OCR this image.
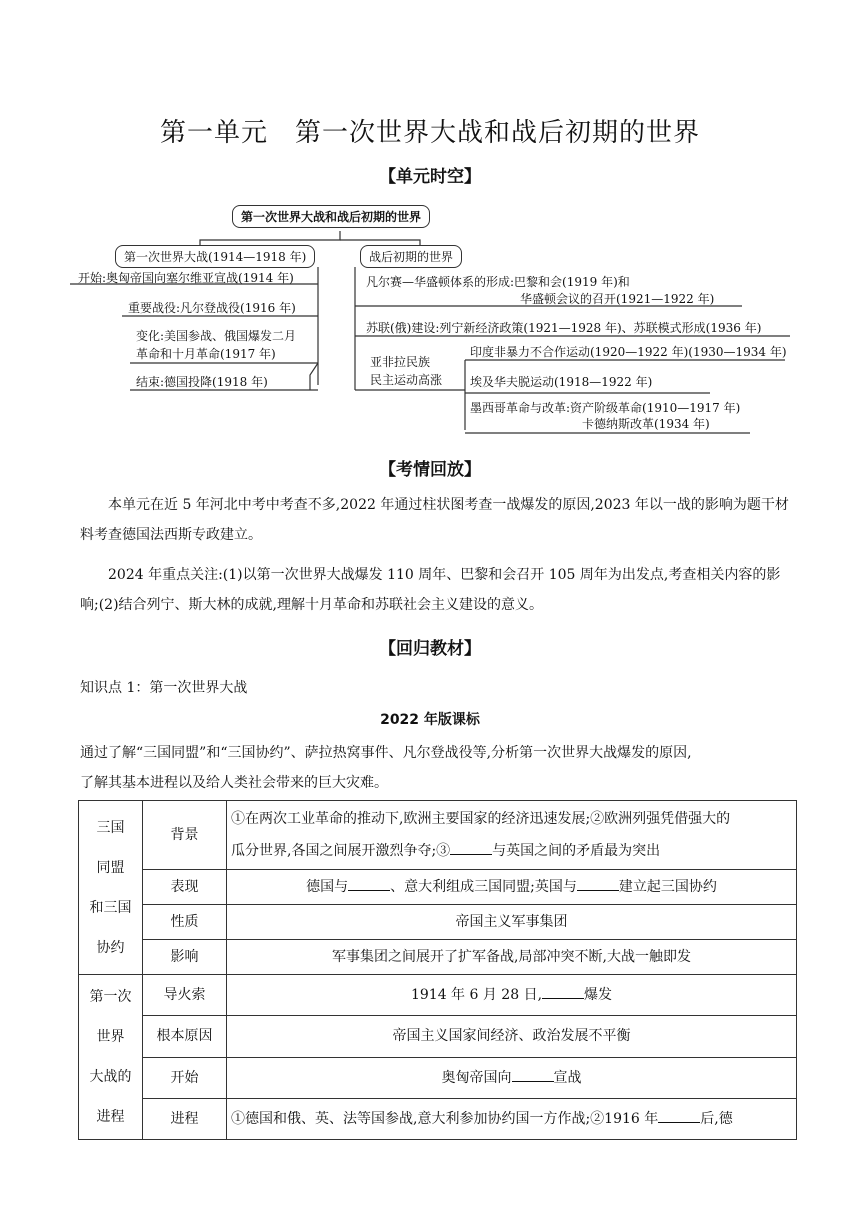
第一单元　第一次世界大战和战后初期的世界
【单元时空】
第一次世界大战和战后初期的世界
第一次世界大战(1914—1918 年)	战后初期的世界
开始:奥匈帝国向塞尔维亚宣战(1914 年)
重要战役:凡尔登战役(1916 年)
变化:美国参战、俄国爆发二月
革命和十月革命(1917 年)
结束:德国投降(1918 年)
凡尔赛—华盛顿体系的形成:巴黎和会(1919 年)和
华盛顿会议的召开(1921—1922 年)
苏联(俄)建设:列宁新经济政策(1921—1928 年)、苏联模式形成(1936 年)
亚非拉民族
民主运动高涨
印度非暴力不合作运动(1920—1922 年)(1930—1934 年)
埃及华夫脱运动(1918—1922 年)
墨西哥革命与改革:资产阶级革命(1910—1917 年)
卡德纳斯改革(1934 年)
【考情回放】

本单元在近 5 年河北中考中考查不多,2022 年通过柱状图考查一战爆发的原因,2023 年以一战的影响为题干材料考查德国法西斯专政建立。

2024 年重点关注:(1)以第一次世界大战爆发 110 周年、巴黎和会召开 105 周年为出发点,考查相关内容的影响;(2)结合列宁、斯大林的成就,理解十月革命和苏联社会主义建设的意义。

【回归教材】
知识点 1：第一次世界大战
2022 年版课标
通过了解“三国同盟”和“三国协约”、萨拉热窝事件、凡尔登战役等,分析第一次世界大战爆发的原因,
了解其基本进程以及给人类社会带来的巨大灾难。
三国
同盟
和三国
协约	背景	①在两次工业革命的推动下,欧洲主要国家的经济迅速发展;②欧洲列强凭借强大的
瓜分世界,各国之间展开激烈争夺;③ 与英国之间的矛盾最为突出
	表现	德国与 、意大利组成三国同盟;英国与 建立起三国协约
	性质	帝国主义军事集团
	影响	军事集团之间展开了扩军备战,局部冲突不断,大战一触即发
第一次
世界
大战的
进程	导火索	1914 年 6 月 28 日, 爆发
	根本原因	帝国主义国家间经济、政治发展不平衡
	开始	奥匈帝国向 宣战
	进程	①德国和俄、英、法等国参战,意大利参加协约国一方作战;②1916 年 后,德
